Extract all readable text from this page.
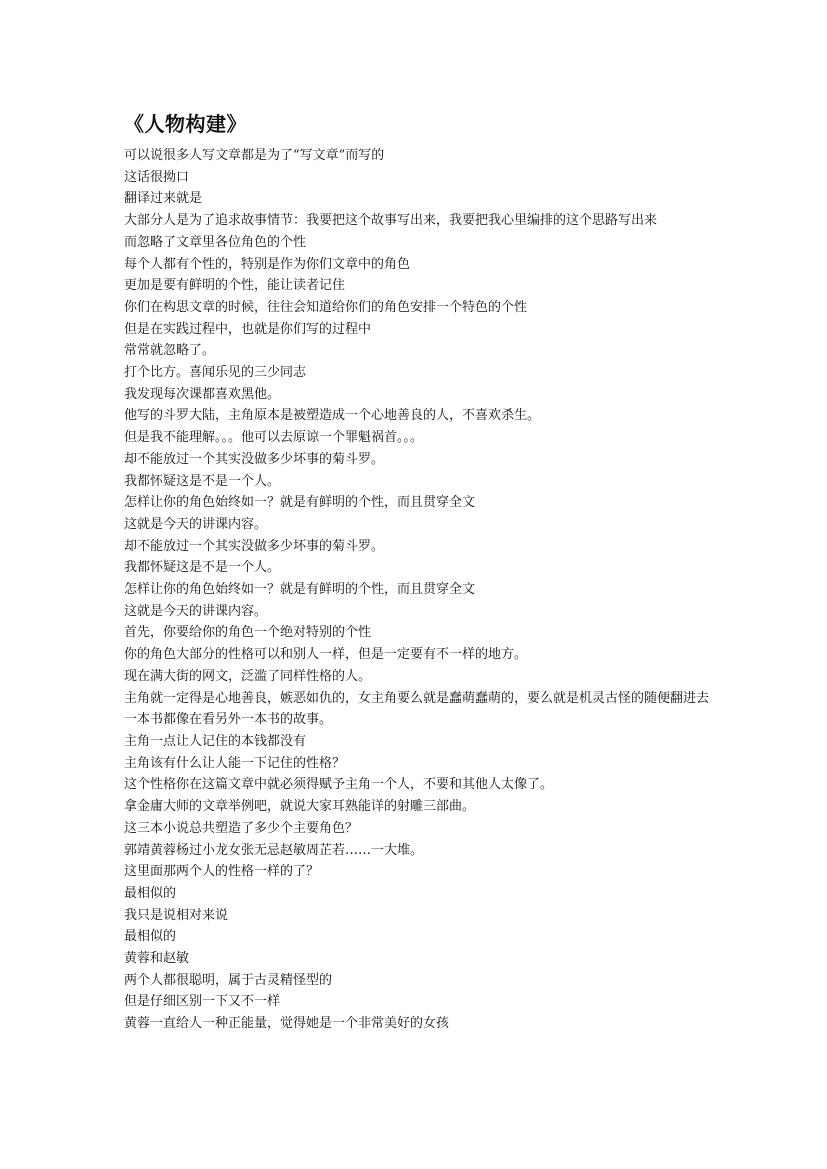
《人物构建》
可以说很多人写文章都是为了“写文章”而写的
这话很拗口
翻译过来就是
大部分人是为了追求故事情节：我要把这个故事写出来，我要把我心里编排的这个思路写出来
而忽略了文章里各位角色的个性
每个人都有个性的，特别是作为你们文章中的角色
更加是要有鲜明的个性，能让读者记住
你们在构思文章的时候，往往会知道给你们的角色安排一个特色的个性
但是在实践过程中，也就是你们写的过程中
常常就忽略了。
打个比方。喜闻乐见的三少同志
我发现每次课都喜欢黑他。
他写的斗罗大陆，主角原本是被塑造成一个心地善良的人，不喜欢杀生。
但是我不能理解。。。他可以去原谅一个罪魁祸首。。。
却不能放过一个其实没做多少坏事的菊斗罗。
我都怀疑这是不是一个人。
怎样让你的角色始终如一？就是有鲜明的个性，而且贯穿全文
这就是今天的讲课内容。
却不能放过一个其实没做多少坏事的菊斗罗。
我都怀疑这是不是一个人。
怎样让你的角色始终如一？就是有鲜明的个性，而且贯穿全文
这就是今天的讲课内容。
首先，你要给你的角色一个绝对特别的个性
你的角色大部分的性格可以和别人一样，但是一定要有不一样的地方。
现在满大街的网文，泛滥了同样性格的人。
主角就一定得是心地善良，嫉恶如仇的，女主角要么就是蠢萌蠢萌的，要么就是机灵古怪的随便翻进去一本书都像在看另外一本书的故事。
主角一点让人记住的本钱都没有
主角该有什么让人能一下记住的性格？
这个性格你在这篇文章中就必须得赋予主角一个人，不要和其他人太像了。
拿金庸大师的文章举例吧，就说大家耳熟能详的射雕三部曲。
这三本小说总共塑造了多少个主要角色？
郭靖黄蓉杨过小龙女张无忌赵敏周芷若……一大堆。
这里面那两个人的性格一样的了？
最相似的
我只是说相对来说
最相似的
黄蓉和赵敏
两个人都很聪明，属于古灵精怪型的
但是仔细区别一下又不一样
黄蓉一直给人一种正能量，觉得她是一个非常美好的女孩
